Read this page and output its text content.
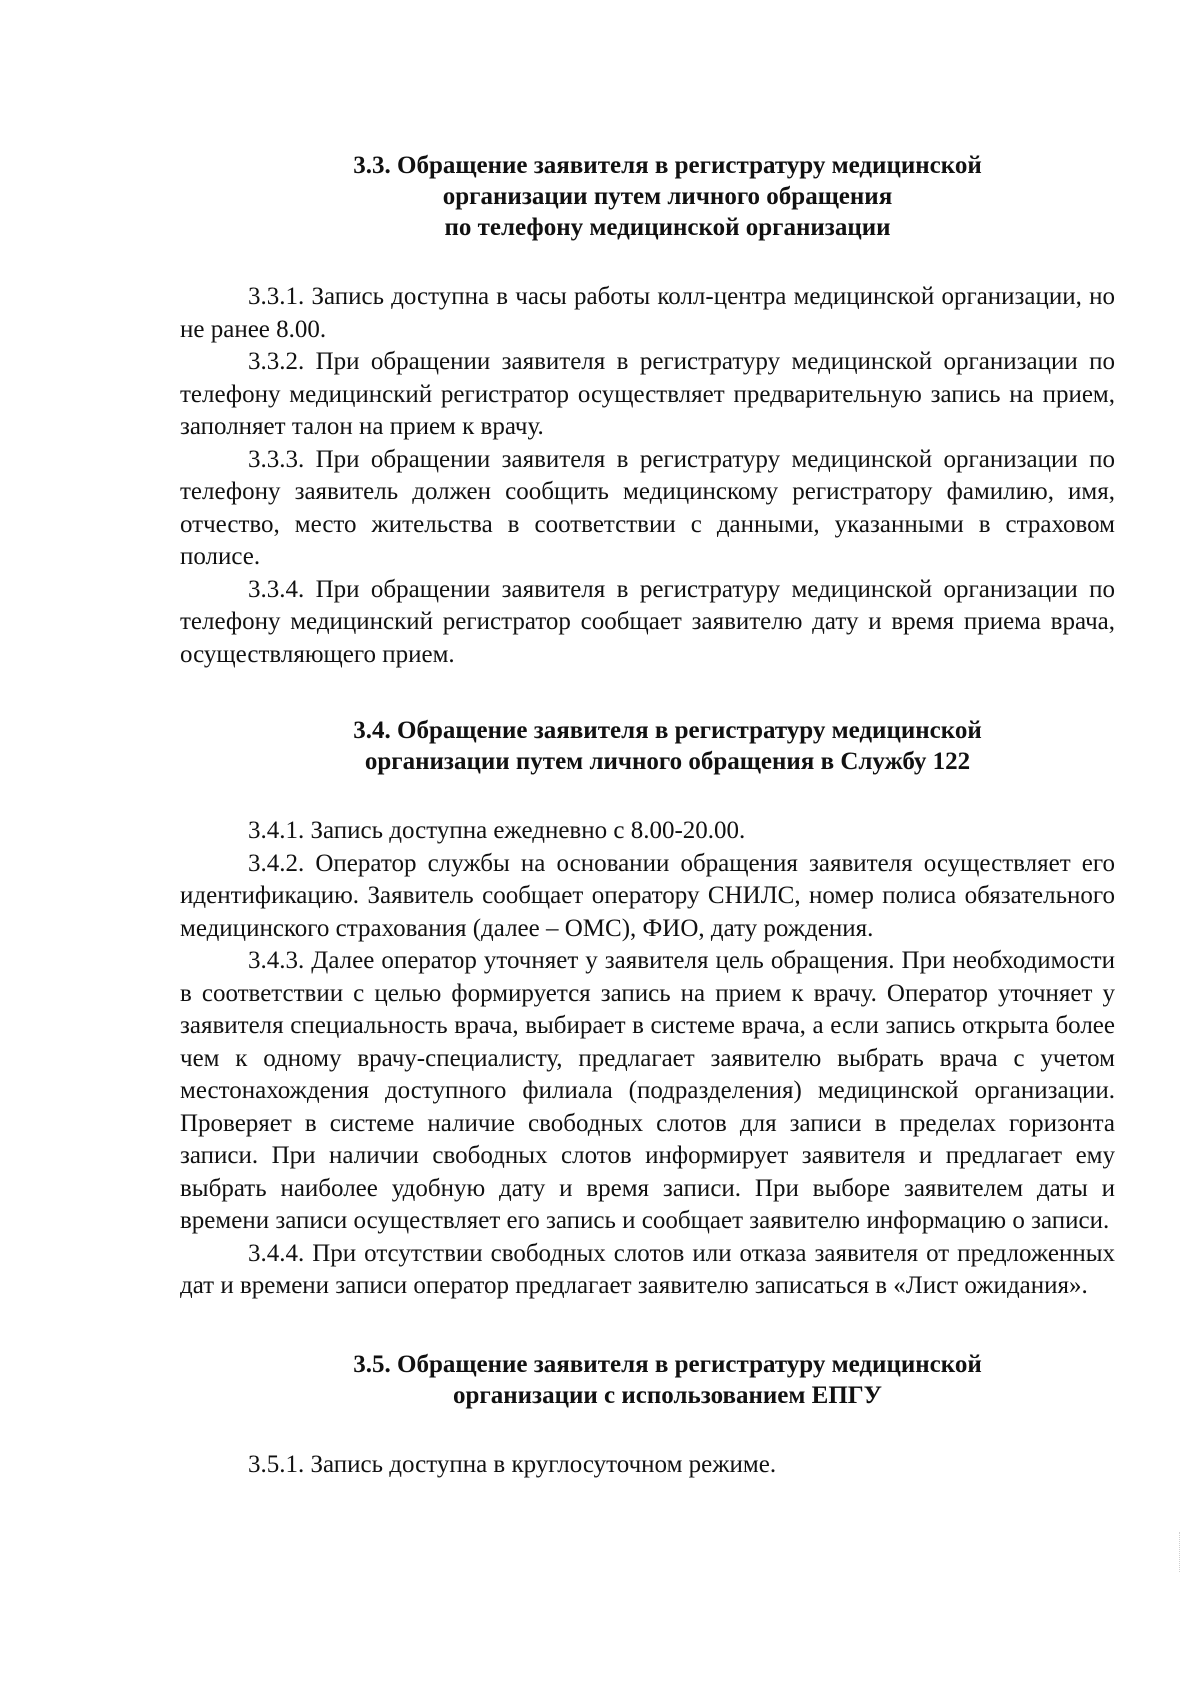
3.3. Обращение заявителя в регистратуру медицинской
организации путем личного обращения
по телефону медицинской организации

3.3.1. Запись доступна в часы работы колл-центра медицинской организации, но не ранее 8.00.

3.3.2. При обращении заявителя в регистратуру медицинской организации по телефону медицинский регистратор осуществляет предварительную запись на прием, заполняет талон на прием к врачу.

3.3.3. При обращении заявителя в регистратуру медицинской организации по телефону заявитель должен сообщить медицинскому регистратору фамилию, имя, отчество, место жительства в соответствии с данными, указанными в страховом полисе.

3.3.4. При обращении заявителя в регистратуру медицинской организации по телефону медицинский регистратор сообщает заявителю дату и время приема врача, осуществляющего прием.

3.4. Обращение заявителя в регистратуру медицинской
организации путем личного обращения в Службу 122

3.4.1. Запись доступна ежедневно с 8.00-20.00.

3.4.2. Оператор службы на основании обращения заявителя осуществляет его идентификацию. Заявитель сообщает оператору СНИЛС, номер полиса обязательного медицинского страхования (далее – ОМС), ФИО, дату рождения.

3.4.3. Далее оператор уточняет у заявителя цель обращения. При необходимости в соответствии с целью формируется запись на прием к врачу. Оператор уточняет у заявителя специальность врача, выбирает в системе врача, а если запись открыта более чем к одному врачу-специалисту, предлагает заявителю выбрать врача с учетом местонахождения доступного филиала (подразделения) медицинской организации. Проверяет в системе наличие свободных слотов для записи в пределах горизонта записи. При наличии свободных слотов информирует заявителя и предлагает ему выбрать наиболее удобную дату и время записи. При выборе заявителем даты и времени записи осуществляет его запись и сообщает заявителю информацию о записи.

3.4.4. При отсутствии свободных слотов или отказа заявителя от предложенных дат и времени записи оператор предлагает заявителю записаться в «Лист ожидания».

3.5. Обращение заявителя в регистратуру медицинской
организации с использованием ЕПГУ

3.5.1. Запись доступна в круглосуточном режиме.
